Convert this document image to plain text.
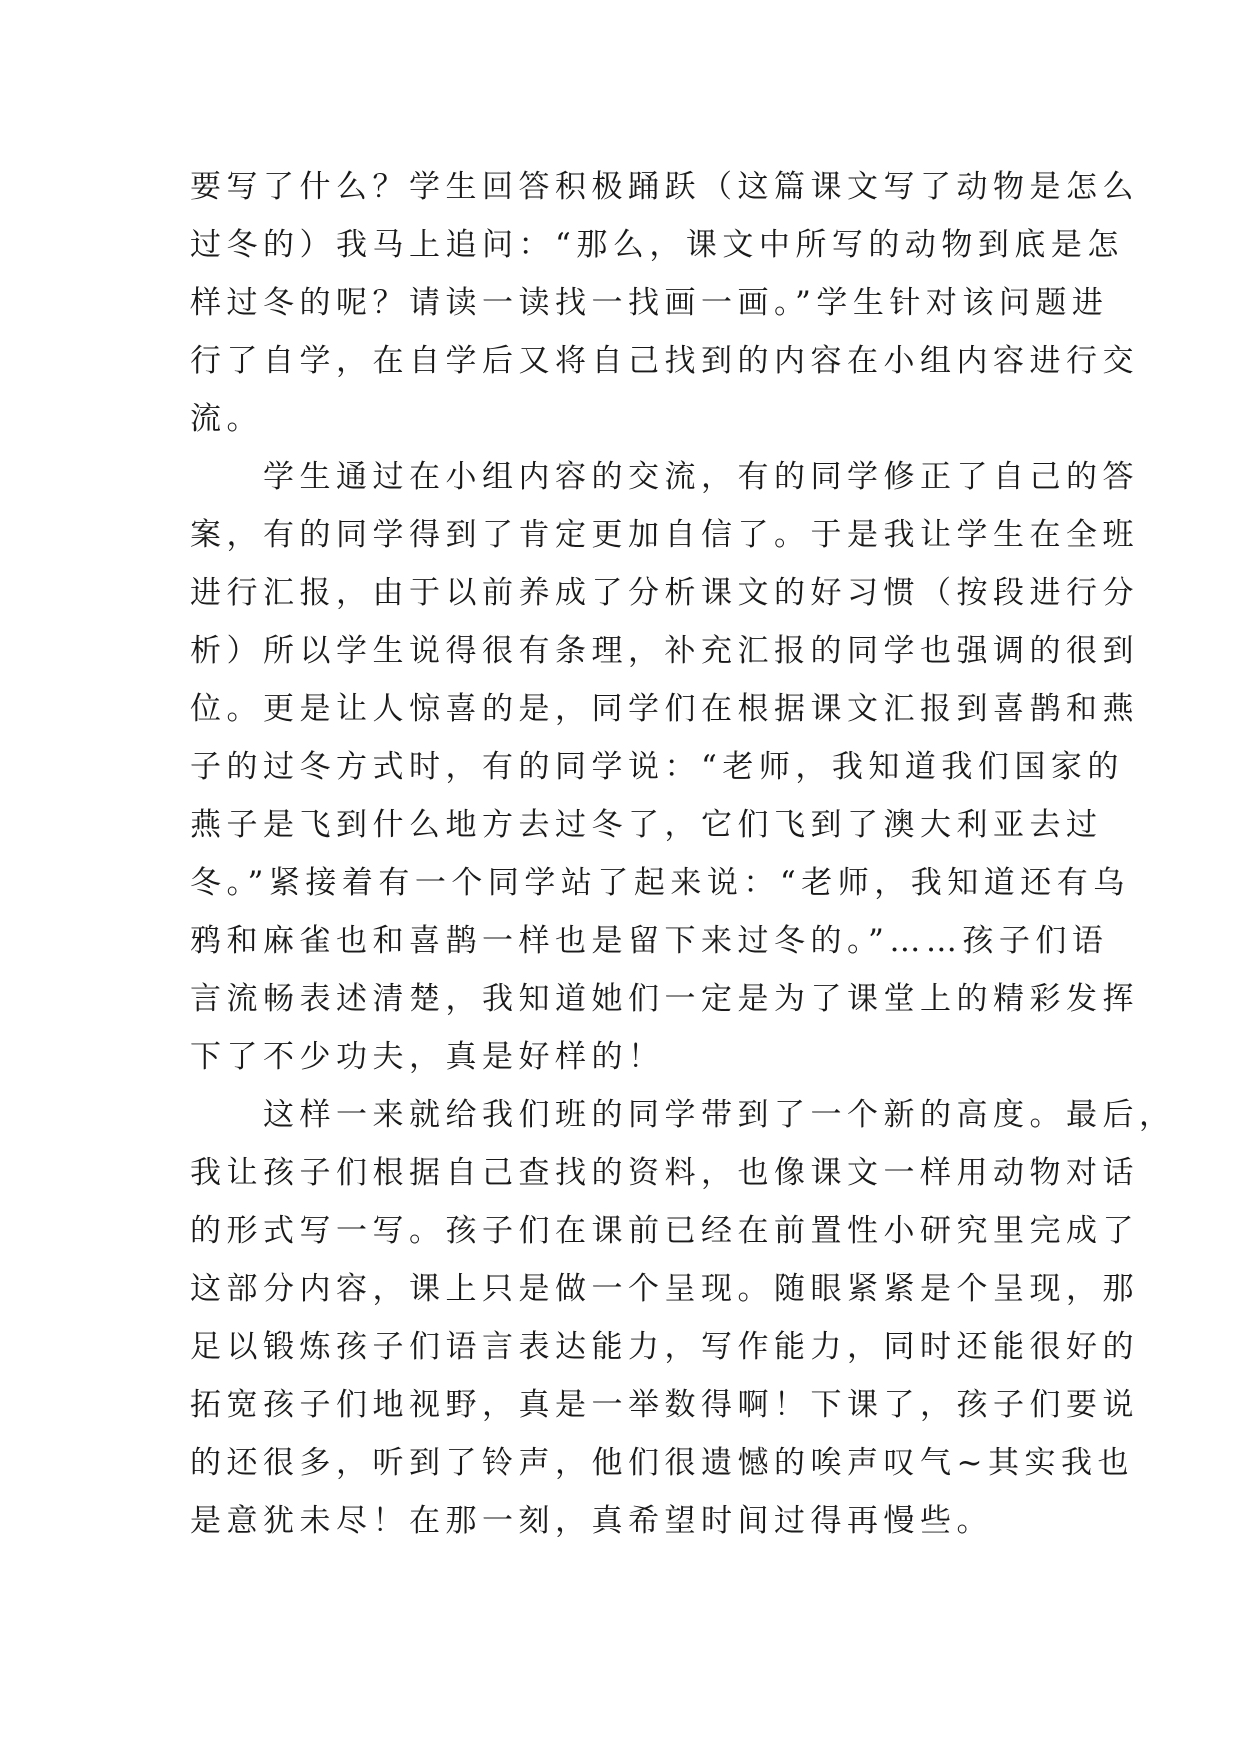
要写了什么？学生回答积极踊跃（这篇课文写了动物是怎么
过冬的）我马上追问：“那么，课文中所写的动物到底是怎
样过冬的呢？请读一读找一找画一画。”学生针对该问题进
行了自学，在自学后又将自己找到的内容在小组内容进行交
流。
　　学生通过在小组内容的交流，有的同学修正了自己的答
案，有的同学得到了肯定更加自信了。于是我让学生在全班
进行汇报，由于以前养成了分析课文的好习惯（按段进行分
析）所以学生说得很有条理，补充汇报的同学也强调的很到
位。更是让人惊喜的是，同学们在根据课文汇报到喜鹊和燕
子的过冬方式时，有的同学说：“老师，我知道我们国家的
燕子是飞到什么地方去过冬了，它们飞到了澳大利亚去过
冬。”紧接着有一个同学站了起来说：“老师，我知道还有乌
鸦和麻雀也和喜鹊一样也是留下来过冬的。”……孩子们语
言流畅表述清楚，我知道她们一定是为了课堂上的精彩发挥
下了不少功夫，真是好样的！
　　这样一来就给我们班的同学带到了一个新的高度。最后，
我让孩子们根据自己查找的资料，也像课文一样用动物对话
的形式写一写。孩子们在课前已经在前置性小研究里完成了
这部分内容，课上只是做一个呈现。随眼紧紧是个呈现，那
足以锻炼孩子们语言表达能力，写作能力，同时还能很好的
拓宽孩子们地视野，真是一举数得啊！下课了，孩子们要说
的还很多，听到了铃声，他们很遗憾的唉声叹气~其实我也
是意犹未尽！在那一刻，真希望时间过得再慢些。
